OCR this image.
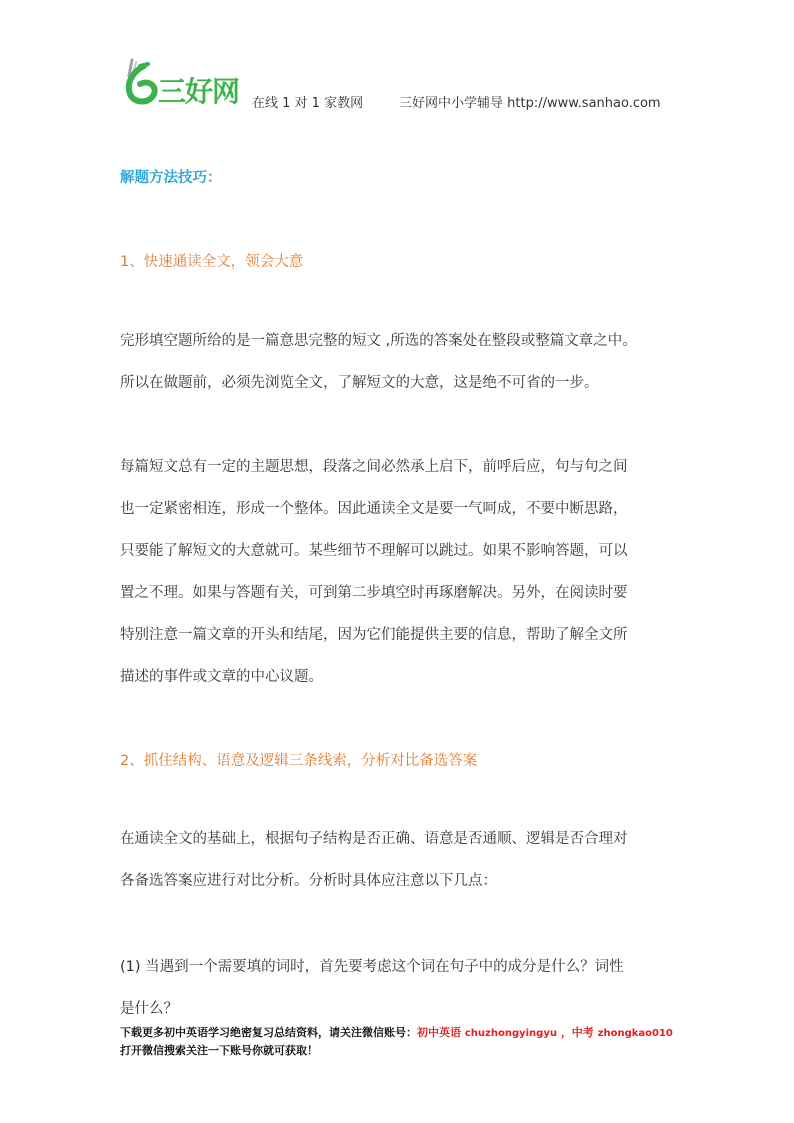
三好网 在线 1 对 1 家教网	三好网中小学辅导 http://www.sanhao.com
解题方法技巧：
1、快速通读全文，领会大意

完形填空题所给的是一篇意思完整的短文 ,所选的答案处在整段或整篇文章之中。

所以在做题前，必须先浏览全文，了解短文的大意，这是绝不可省的一步。

每篇短文总有一定的主题思想，段落之间必然承上启下，前呼后应，句与句之间

也一定紧密相连，形成一个整体。因此通读全文是要一气呵成，不要中断思路，

只要能了解短文的大意就可。某些细节不理解可以跳过。如果不影响答题，可以

置之不理。如果与答题有关，可到第二步填空时再琢磨解决。另外，在阅读时要

特别注意一篇文章的开头和结尾，因为它们能提供主要的信息，帮助了解全文所

描述的事件或文章的中心议题。

2、抓住结构、语意及逻辑三条线索，分析对比备选答案

在通读全文的基础上，根据句子结构是否正确、语意是否通顺、逻辑是否合理对

各备选答案应进行对比分析。分析时具体应注意以下几点：

(1) 当遇到一个需要填的词时，首先要考虑这个词在句子中的成分是什么？词性

是什么？

下载更多初中英语学习绝密复习总结资料，请关注微信账号：初中英语 chuzhongyingyu ，中考 zhongkao010
打开微信搜索关注一下账号你就可获取！
